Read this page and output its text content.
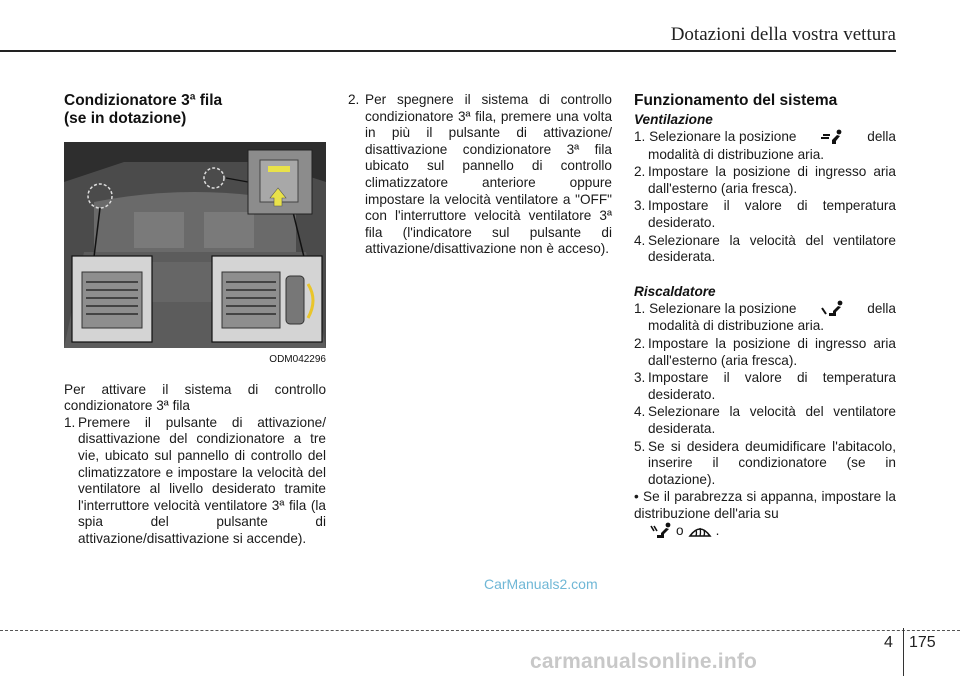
Dotazioni della vostra vettura
Condizionatore 3ª fila
(se in dotazione)
ODM042296

Per attivare il sistema di controllo condizionatore 3ª fila

1. Premere il pulsante di attivazione/ disattivazione del condizionatore a tre vie, ubicato sul pannello di controllo del climatizzatore e impostare la velocità del ventilatore al livello desiderato tramite l'interruttore velocità ventilatore 3ª fila (la spia del pulsante di attivazione/disattivazione si accende).
2. Per spegnere il sistema di controllo condizionatore 3ª fila, premere una volta in più il pulsante di attivazione/ disattivazione condizionatore 3ª fila ubicato sul pannello di controllo climatizzatore anteriore oppure impostare la velocità ventilatore a "OFF" con l'interruttore velocità ventilatore 3ª fila (l'indicatore sul pulsante di attivazione/disattivazione non è acceso).
Funzionamento del sistema
Ventilazione
1. Selezionare la posizione	della
modalità di distribuzione aria.
2. Impostare la posizione di ingresso aria dall'esterno (aria fresca).
3. Impostare il valore di temperatura desiderato.
4. Selezionare la velocità del ventilatore desiderata.
Riscaldatore
1. Selezionare la posizione	della
modalità di distribuzione aria.
2. Impostare la posizione di ingresso aria dall'esterno (aria fresca).
3. Impostare il valore di temperatura desiderato.
4. Selezionare la velocità del ventilatore desiderata.
5. Se si desidera deumidificare l'abitacolo, inserire il condizionatore (se in dotazione).

• Se il parabrezza si appanna, impostare la distribuzione dell'aria su

o .
CarManuals2.com
4 175
carmanualsonline.info
